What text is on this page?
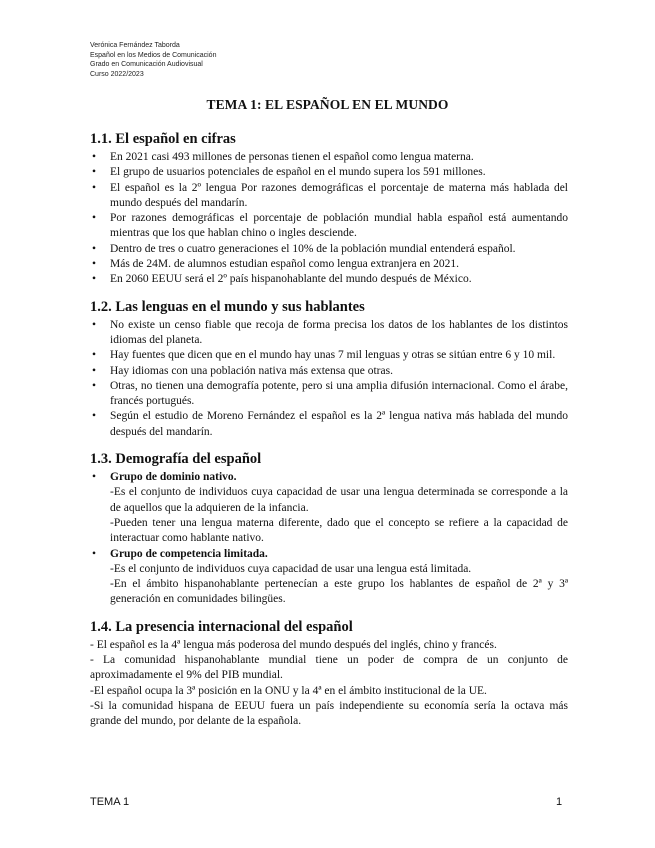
Verónica Fernández Taborda
Español en los Medios de Comunicación
Grado en Comunicación Audiovisual
Curso 2022/2023
TEMA 1: EL ESPAÑOL EN EL MUNDO
1.1. El español en cifras
• En 2021 casi 493 millones de personas tienen el español como lengua materna.
• El grupo de usuarios potenciales de español en el mundo supera los 591 millones.
• El español es la 2º lengua Por razones demográficas el porcentaje de materna más hablada del mundo después del mandarín.
• Por razones demográficas el porcentaje de población mundial habla español está aumentando mientras que los que hablan chino o ingles desciende.
• Dentro de tres o cuatro generaciones el 10% de la población mundial entenderá español.
• Más de 24M. de alumnos estudian español como lengua extranjera en 2021.
• En 2060 EEUU será el 2º país hispanohablante del mundo después de México.
1.2. Las lenguas en el mundo y sus hablantes
• No existe un censo fiable que recoja de forma precisa los datos de los hablantes de los distintos idiomas del planeta.
• Hay fuentes que dicen que en el mundo hay unas 7 mil lenguas y otras se sitúan entre 6 y 10 mil.
• Hay idiomas con una población nativa más extensa que otras.
• Otras, no tienen una demografía potente, pero si una amplia difusión internacional. Como el árabe, francés portugués.
• Según el estudio de Moreno Fernández el español es la 2ª lengua nativa más hablada del mundo después del mandarín.
1.3. Demografía del español
• Grupo de dominio nativo.
-Es el conjunto de individuos cuya capacidad de usar una lengua determinada se corresponde a la de aquellos que la adquieren de la infancia.
-Pueden tener una lengua materna diferente, dado que el concepto se refiere a la capacidad de interactuar como hablante nativo.
• Grupo de competencia limitada.
-Es el conjunto de individuos cuya capacidad de usar una lengua está limitada.
-En el ámbito hispanohablante pertenecían a este grupo los hablantes de español de 2ª y 3ª generación en comunidades bilingües.
1.4. La presencia internacional del español
- El español es la 4ª lengua más poderosa del mundo después del inglés, chino y francés.
- La comunidad hispanohablante mundial tiene un poder de compra de un conjunto de aproximadamente el 9% del PIB mundial.
-El español ocupa la 3ª posición en la ONU y la 4ª en el ámbito institucional de la UE.
-Si la comunidad hispana de EEUU fuera un país independiente su economía sería la octava más grande del mundo, por delante de la española.
TEMA 1	1
